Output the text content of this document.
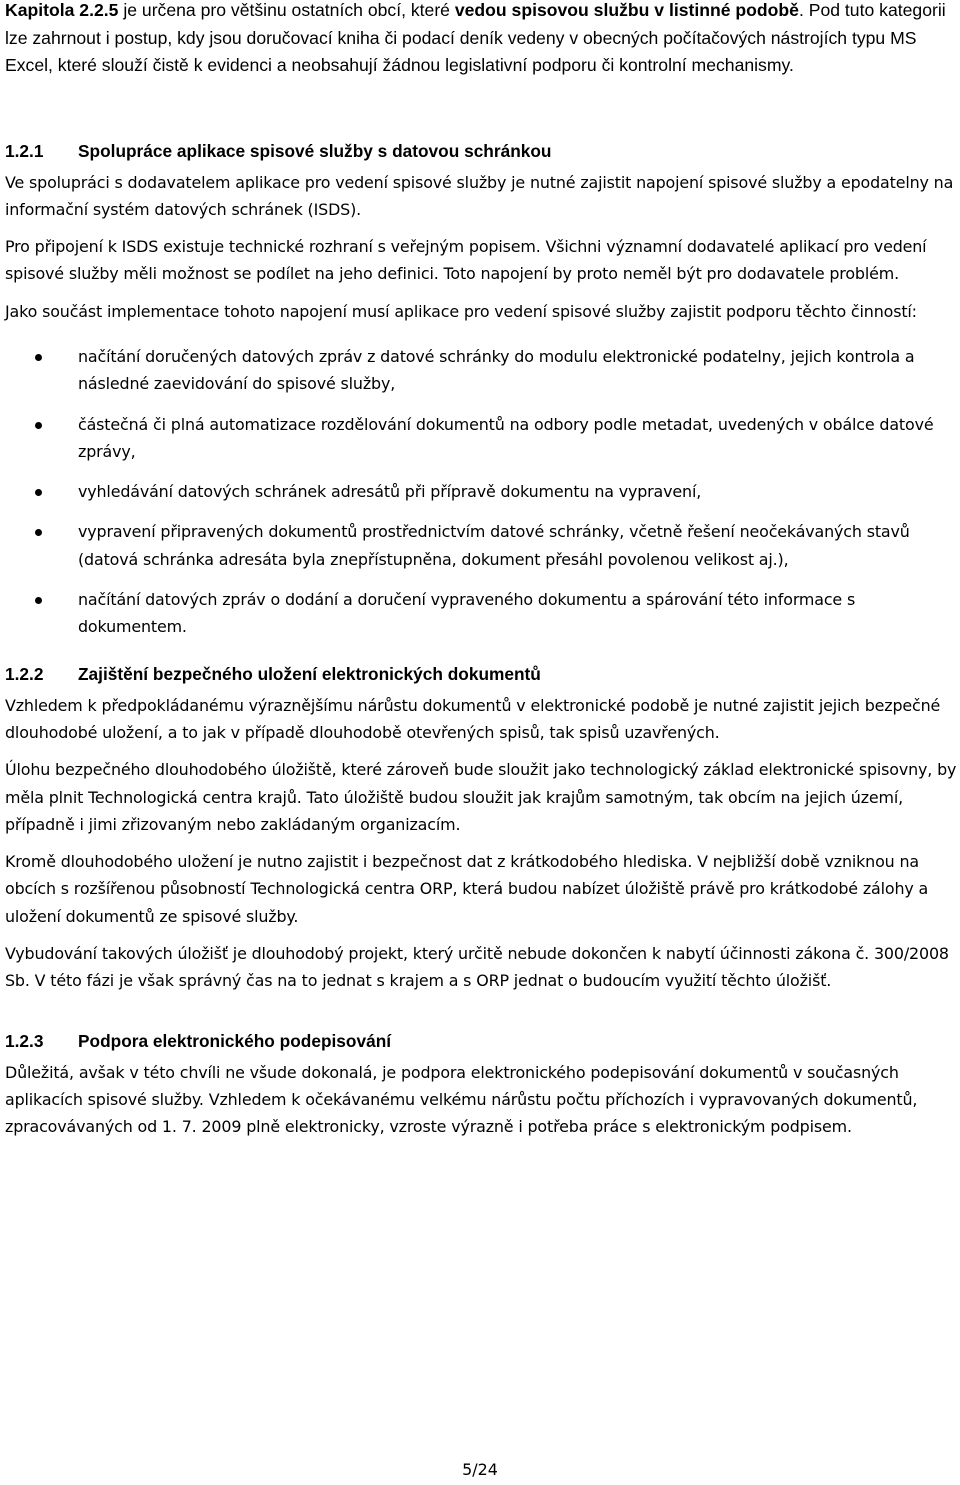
Kapitola 2.2.5 je určena pro většinu ostatních obcí, které vedou spisovou službu v listinné podobě. Pod tuto kategorii lze zahrnout i postup, kdy jsou doručovací kniha či podací deník vedeny v obecných počítačových nástrojích typu MS Excel, které slouží čistě k evidenci a neobsahují žádnou legislativní podporu či kontrolní mechanismy.

1.2.1	Spolupráce aplikace spisové služby s datovou schránkou

Ve spolupráci s dodavatelem aplikace pro vedení spisové služby je nutné zajistit napojení spisové služby a epodatelny na informační systém datových schránek (ISDS).

Pro připojení k ISDS existuje technické rozhraní s veřejným popisem. Všichni významní dodavatelé aplikací pro vedení spisové služby měli možnost se podílet na jeho definici. Toto napojení by proto neměl být pro dodavatele problém.

Jako součást implementace tohoto napojení musí aplikace pro vedení spisové služby zajistit podporu těchto činností:

načítání doručených datových zpráv z datové schránky do modulu elektronické podatelny, jejich kontrola a následné zaevidování do spisové služby,
částečná či plná automatizace rozdělování dokumentů na odbory podle metadat, uvedených v obálce datové zprávy,
vyhledávání datových schránek adresátů při přípravě dokumentu na vypravení,
vypravení připravených dokumentů prostřednictvím datové schránky, včetně řešení neočekávaných stavů (datová schránka adresáta byla znepřístupněna, dokument přesáhl povolenou velikost aj.),
načítání datových zpráv o dodání a doručení vypraveného dokumentu a spárování této informace s dokumentem.
1.2.2	Zajištění bezpečného uložení elektronických dokumentů

Vzhledem k předpokládanému výraznějšímu nárůstu dokumentů v elektronické podobě je nutné zajistit jejich bezpečné dlouhodobé uložení, a to jak v případě dlouhodobě otevřených spisů, tak spisů uzavřených.

Úlohu bezpečného dlouhodobého úložiště, které zároveň bude sloužit jako technologický základ elektronické spisovny, by měla plnit Technologická centra krajů. Tato úložiště budou sloužit jak krajům samotným, tak obcím na jejich území, případně i jimi zřizovaným nebo zakládaným organizacím.

Kromě dlouhodobého uložení je nutno zajistit i bezpečnost dat z krátkodobého hlediska. V nejbližší době vzniknou na obcích s rozšířenou působností Technologická centra ORP, která budou nabízet úložiště právě pro krátkodobé zálohy a uložení dokumentů ze spisové služby.

Vybudování takových úložišť je dlouhodobý projekt, který určitě nebude dokončen k nabytí účinnosti zákona č. 300/2008 Sb. V této fázi je však správný čas na to jednat s krajem a s ORP jednat o budoucím využití těchto úložišť.

1.2.3	Podpora elektronického podepisování

Důležitá, avšak v této chvíli ne všude dokonalá, je podpora elektronického podepisování dokumentů v současných aplikacích spisové služby. Vzhledem k očekávanému velkému nárůstu počtu příchozích i vypravovaných dokumentů, zpracovávaných od 1. 7. 2009 plně elektronicky, vzroste výrazně i potřeba práce s elektronickým podpisem.

5/24
